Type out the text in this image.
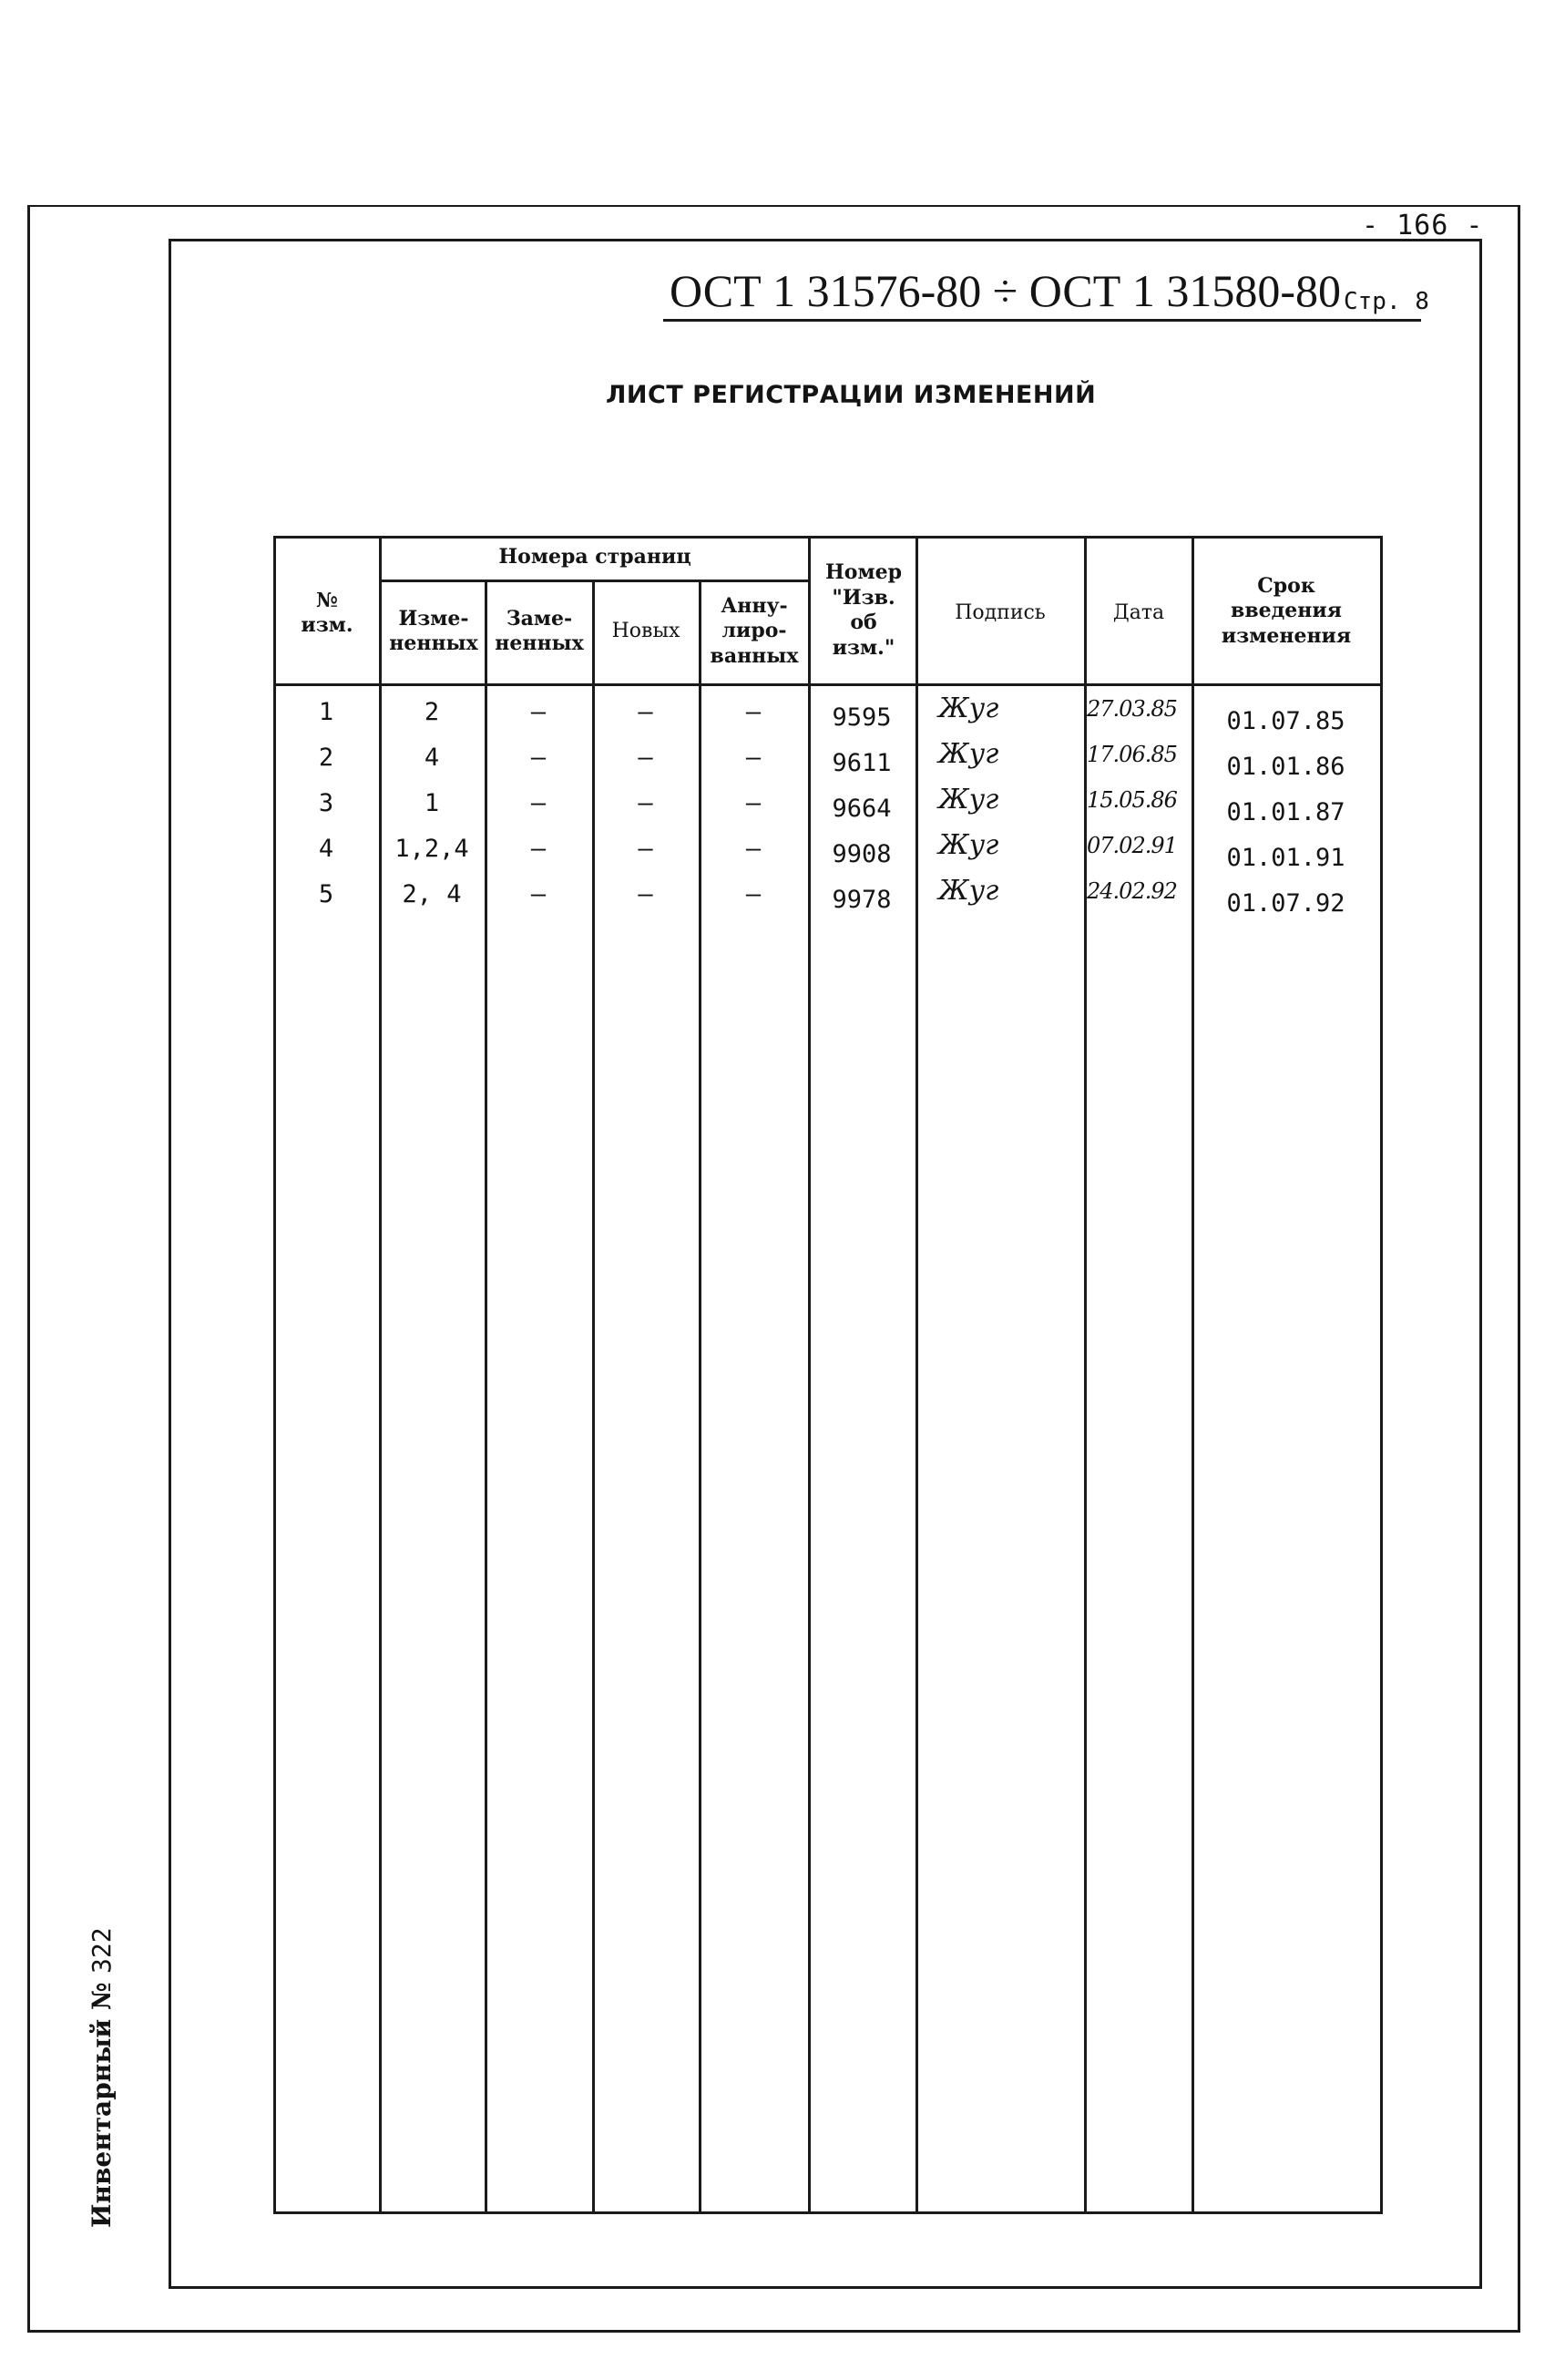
- 166 -
ОСТ 1 31576-80 ÷ ОСТ 1 31580-80 Стр. 8
ЛИСТ РЕГИСТРАЦИИ ИЗМЕНЕНИЙ
Инвентарный № 322
№ изм.
Номера страниц
Изме- ненных
Заме- ненных
Новых
Анну- лиро- ванных
Номер "Изв. об изм."
Подпись	Дата
Срок введения изменения
1	2	–	–	–	9595	Жуг	27.03.85	01.07.85
2	4	–	–	–	9611	Жуг	17.06.85	01.01.86
3	1	–	–	–	9664	Жуг	15.05.86	01.01.87
4	1,2,4	–	–	–	9908	Жуг	07.02.91	01.01.91
5	2, 4	–	–	–	9978	Жуг	24.02.92	01.07.92
